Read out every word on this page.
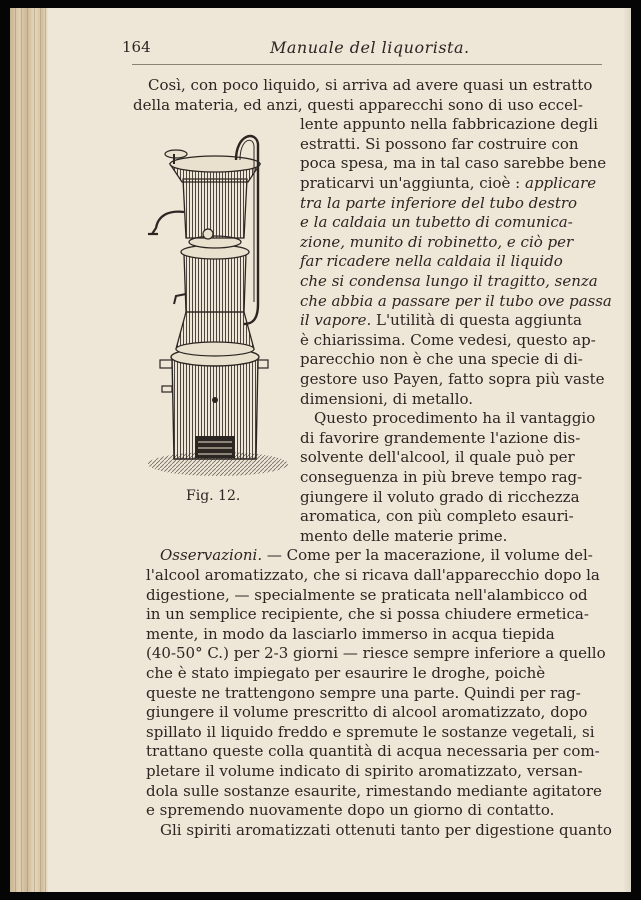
164	Manuale del liquorista.
Fig. 12.
Così, con poco liquido, si arriva ad avere quasi un estratto
della materia, ed anzi, questi apparecchi sono di uso eccel-
lente appunto nella fabbricazione degli
estratti. Si possono far costruire con
poca spesa, ma in tal caso sarebbe bene
praticarvi un'aggiunta, cioè : applicare
tra la parte inferiore del tubo destro
e la caldaia un tubetto di comunica-
zione, munito di robinetto, e ciò per
far ricadere nella caldaia il liquido
che si condensa lungo il tragitto, senza
che abbia a passare per il tubo ove passa
il vapore. L'utilità di questa aggiunta
è chiarissima. Come vedesi, questo ap-
parecchio non è che una specie di di-
gestore uso Payen, fatto sopra più vaste
dimensioni, di metallo.
Questo procedimento ha il vantaggio
di favorire grandemente l'azione dis-
solvente dell'alcool, il quale può per
conseguenza in più breve tempo rag-
giungere il voluto grado di ricchezza
aromatica, con più completo esauri-
mento delle materie prime.
Osservazioni. — Come per la macerazione, il volume del-
l'alcool aromatizzato, che si ricava dall'apparecchio dopo la
digestione, — specialmente se praticata nell'alambicco od
in un semplice recipiente, che si possa chiudere ermetica-
mente, in modo da lasciarlo immerso in acqua tiepida
(40-50° C.) per 2-3 giorni — riesce sempre inferiore a quello
che è stato impiegato per esaurire le droghe, poichè
queste ne trattengono sempre una parte. Quindi per rag-
giungere il volume prescritto di alcool aromatizzato, dopo
spillato il liquido freddo e spremute le sostanze vegetali, si
trattano queste colla quantità di acqua necessaria per com-
pletare il volume indicato di spirito aromatizzato, versan-
dola sulle sostanze esaurite, rimestando mediante agitatore
e spremendo nuovamente dopo un giorno di contatto.
Gli spiriti aromatizzati ottenuti tanto per digestione quanto
